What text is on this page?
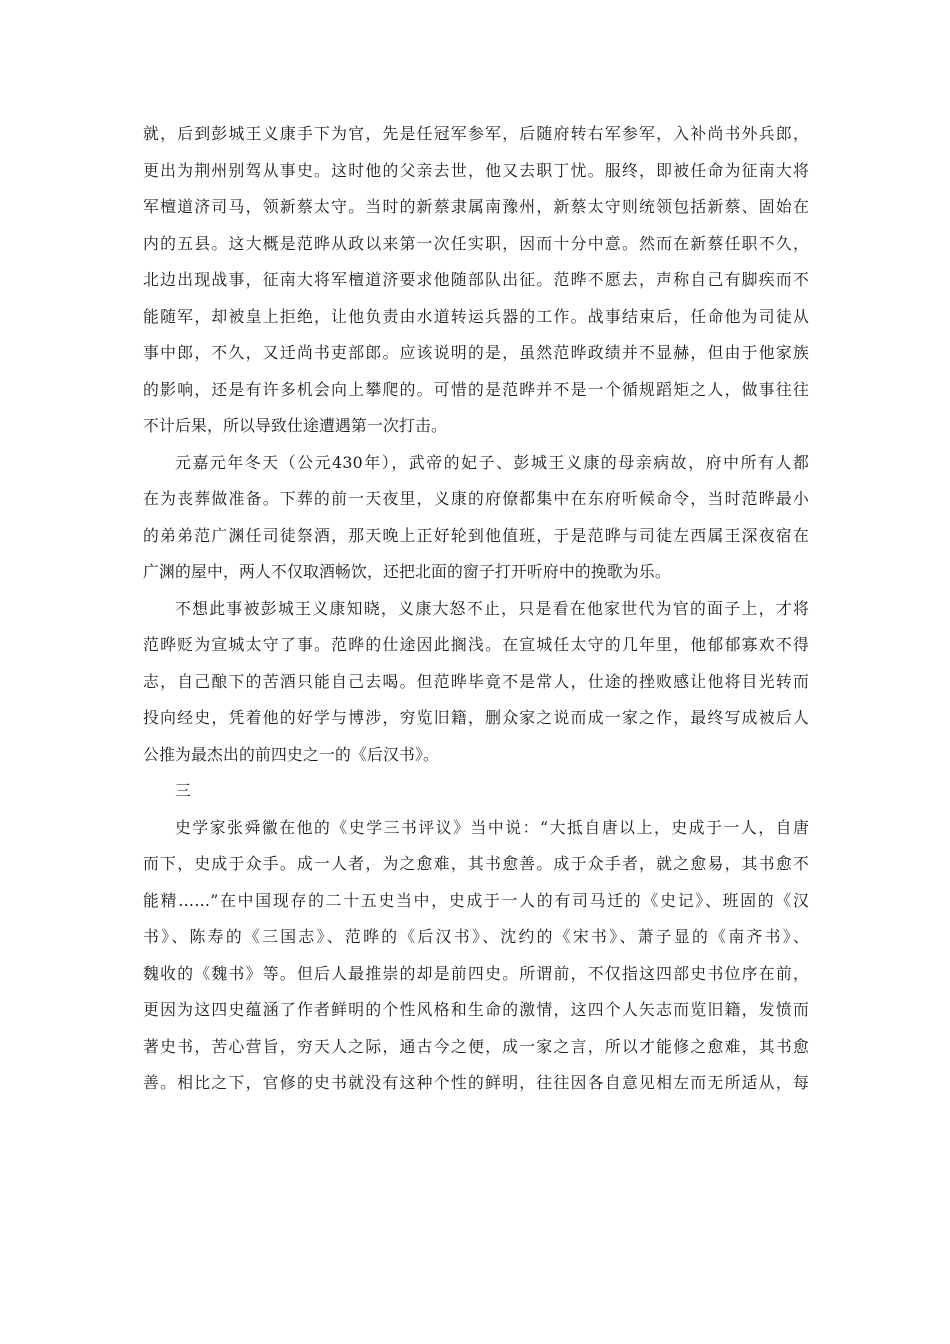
就，后到彭城王义康手下为官，先是任冠军参军，后随府转右军参军，入补尚书外兵郎，
更出为荆州别驾从事史。这时他的父亲去世，他又去职丁忧。服终，即被任命为征南大将
军檀道济司马，领新蔡太守。当时的新蔡隶属南豫州，新蔡太守则统领包括新蔡、固始在
内的五县。这大概是范晔从政以来第一次任实职，因而十分中意。然而在新蔡任职不久，
北边出现战事，征南大将军檀道济要求他随部队出征。范晔不愿去，声称自己有脚疾而不
能随军，却被皇上拒绝，让他负责由水道转运兵器的工作。战事结束后，任命他为司徒从
事中郎，不久，又迁尚书吏部郎。应该说明的是，虽然范晔政绩并不显赫，但由于他家族
的影响，还是有许多机会向上攀爬的。可惜的是范晔并不是一个循规蹈矩之人，做事往往
不计后果，所以导致仕途遭遇第一次打击。
元嘉元年冬天（公元430年），武帝的妃子、彭城王义康的母亲病故，府中所有人都
在为丧葬做准备。下葬的前一天夜里，义康的府僚都集中在东府听候命令，当时范晔最小
的弟弟范广渊任司徒祭酒，那天晚上正好轮到他值班，于是范晔与司徒左西属王深夜宿在
广渊的屋中，两人不仅取酒畅饮，还把北面的窗子打开听府中的挽歌为乐。
不想此事被彭城王义康知晓，义康大怒不止，只是看在他家世代为官的面子上，才将
范晔贬为宣城太守了事。范晔的仕途因此搁浅。在宣城任太守的几年里，他郁郁寡欢不得
志，自己酿下的苦酒只能自己去喝。但范晔毕竟不是常人，仕途的挫败感让他将目光转而
投向经史，凭着他的好学与博涉，穷览旧籍，删众家之说而成一家之作，最终写成被后人
公推为最杰出的前四史之一的《后汉书》。
三
史学家张舜徽在他的《史学三书评议》当中说：“大抵自唐以上，史成于一人，自唐
而下，史成于众手。成一人者，为之愈难，其书愈善。成于众手者，就之愈易，其书愈不
能精……”在中国现存的二十五史当中，史成于一人的有司马迁的《史记》、班固的《汉
书》、陈寿的《三国志》、范晔的《后汉书》、沈约的《宋书》、萧子显的《南齐书》、
魏收的《魏书》等。但后人最推崇的却是前四史。所谓前，不仅指这四部史书位序在前，
更因为这四史蕴涵了作者鲜明的个性风格和生命的激情，这四个人矢志而览旧籍，发愤而
著史书，苦心营旨，穷天人之际，通古今之便，成一家之言，所以才能修之愈难，其书愈
善。相比之下，官修的史书就没有这种个性的鲜明，往往因各自意见相左而无所适从，每
